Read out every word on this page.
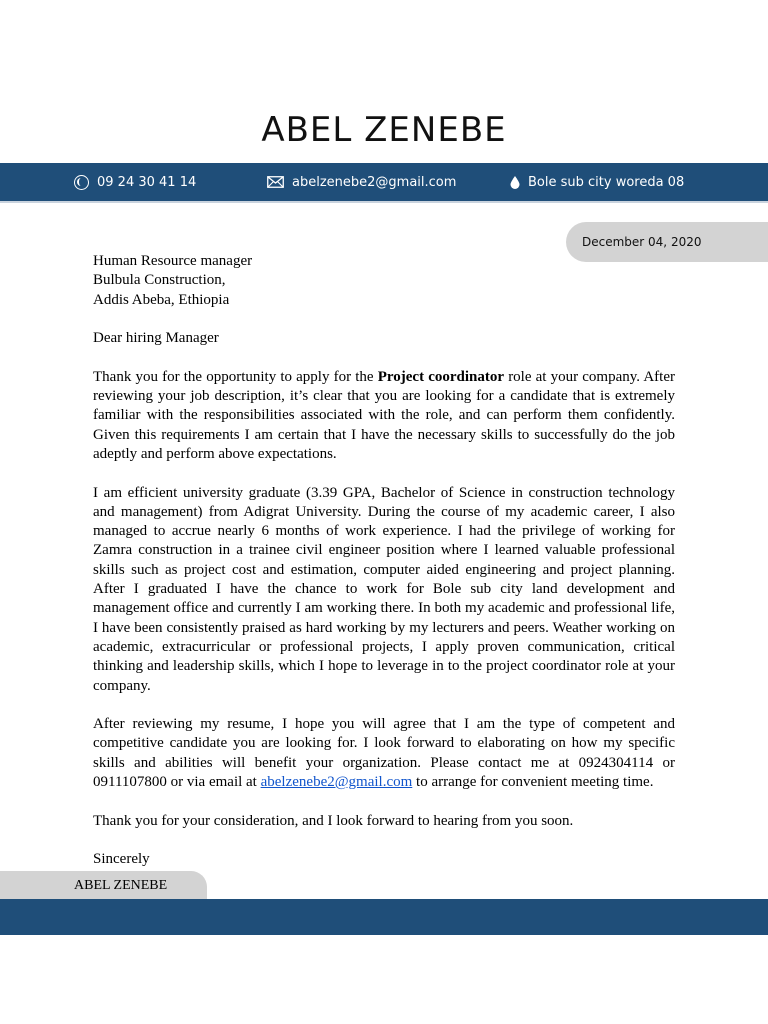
ABEL ZENEBE
09 24 30 41 14	abelzenebe2@gmail.com	Bole sub city woreda 08
December 04, 2020

Human Resource manager
Bulbula Construction,
Addis Abeba, Ethiopia

Dear hiring Manager

Thank you for the opportunity to apply for the Project coordinator role at your company. After reviewing your job description, it’s clear that you are looking for a candidate that is extremely familiar with the responsibilities associated with the role, and can perform them confidently. Given this requirements I am certain that I have the necessary skills to successfully do the job adeptly and perform above expectations.

I am efficient university graduate (3.39 GPA, Bachelor of Science in construction technology and management) from Adigrat University. During the course of my academic career, I also managed to accrue nearly 6 months of work experience. I had the privilege of working for Zamra construction in a trainee civil engineer position where I learned valuable professional skills such as project cost and estimation, computer aided engineering and project planning. After I graduated I have the chance to work for Bole sub city land development and management office and currently I am working there. In both my academic and professional life, I have been consistently praised as hard working by my lecturers and peers. Weather working on academic, extracurricular or professional projects, I apply proven communication, critical thinking and leadership skills, which I hope to leverage in to the project coordinator role at your company.

After reviewing my resume, I hope you will agree that I am the type of competent and competitive candidate you are looking for. I look forward to elaborating on how my specific skills and abilities will benefit your organization. Please contact me at 0924304114 or 0911107800 or via email at abelzenebe2@gmail.com to arrange for convenient meeting time.

Thank you for your consideration, and I look forward to hearing from you soon.

Sincerely

ABEL ZENEBE
